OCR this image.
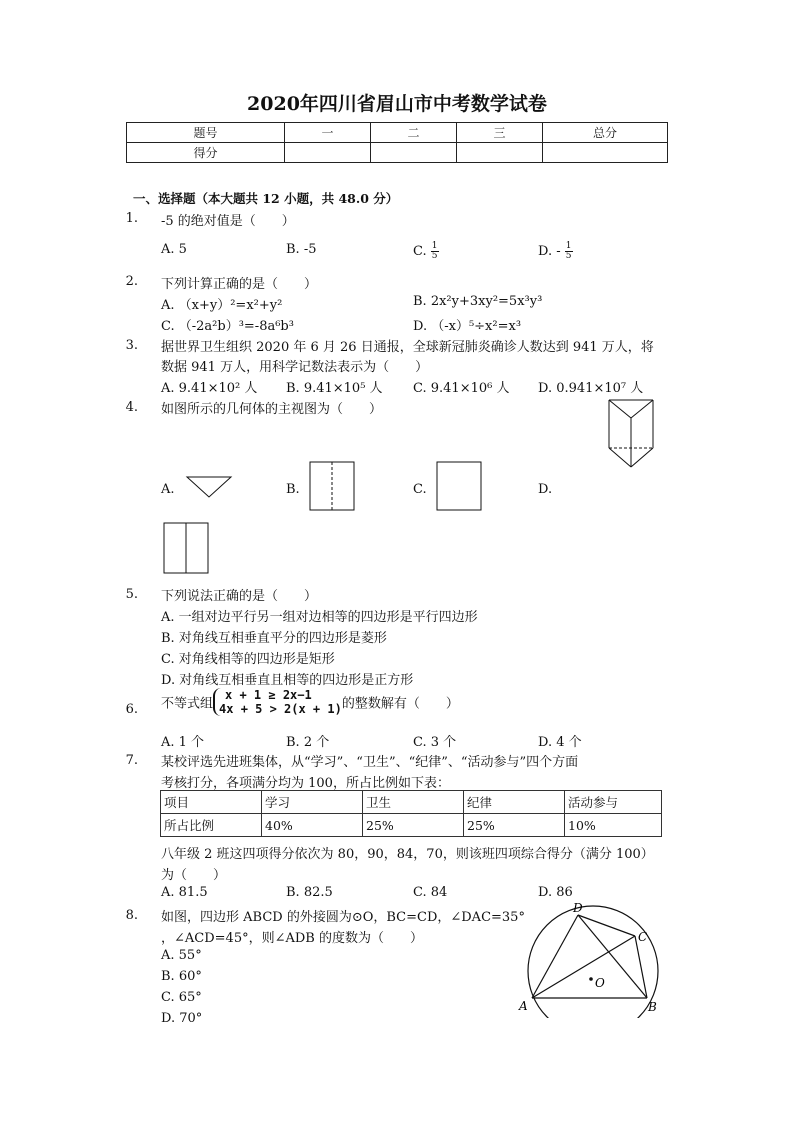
2020年四川省眉山市中考数学试卷
题号	一	二	三	总分
得分				
一、选择题（本大题共 12 小题，共 48.0 分）
1. -5 的绝对值是（　　）
A. 5	B. -5	C. $\frac{1}{5}$	D. - $\frac{1}{5}$
2. 下列计算正确的是（　　）
A. （x+y）²=x²+y²	B. 2x²y+3xy²=5x³y³
C. （-2a²b）³=-8a⁶b³	D. （-x）⁵÷x²=x³
3. 据世界卫生组织 2020 年 6 月 26 日通报，全球新冠肺炎确诊人数达到 941 万人，将
数据 941 万人，用科学记数法表示为（　　）
A. 9.41×10² 人 B. 9.41×10⁵ 人 C. 9.41×10⁶ 人 D. 0.941×10⁷ 人
4. 如图所示的几何体的主视图为（　　）
A.	B.	C.	D.
5. 下列说法正确的是（　　）
A. 一组对边平行另一组对边相等的四边形是平行四边形
B. 对角线互相垂直平分的四边形是菱形
C. 对角线相等的四边形是矩形
D. 对角线互相垂直且相等的四边形是正方形
6. 不等式组
x + 1 ≥ 2x−1
4x + 5 > 2(x + 1) 的整数解有（　　）
A. 1 个	B. 2 个	C. 3 个	D. 4 个
7. 某校评选先进班集体，从“学习”、“卫生”、“纪律”、“活动参与”四个方面
考核打分，各项满分均为 100，所占比例如下表：
项目	学习	卫生	纪律	活动参与
所占比例	40%	25%	25%	10%
八年级 2 班这四项得分依次为 80，90，84，70，则该班四项综合得分（满分 100）
为（　　）
A. 81.5	B. 82.5	C. 84	D. 86
8. 如图，四边形 ABCD 的外接圆为⊙O，BC=CD，∠DAC=35°
，∠ACD=45°，则∠ADB 的度数为（　　）
A. 55°
B. 60°
C. 65°
D. 70°
A	B
C
D
O
